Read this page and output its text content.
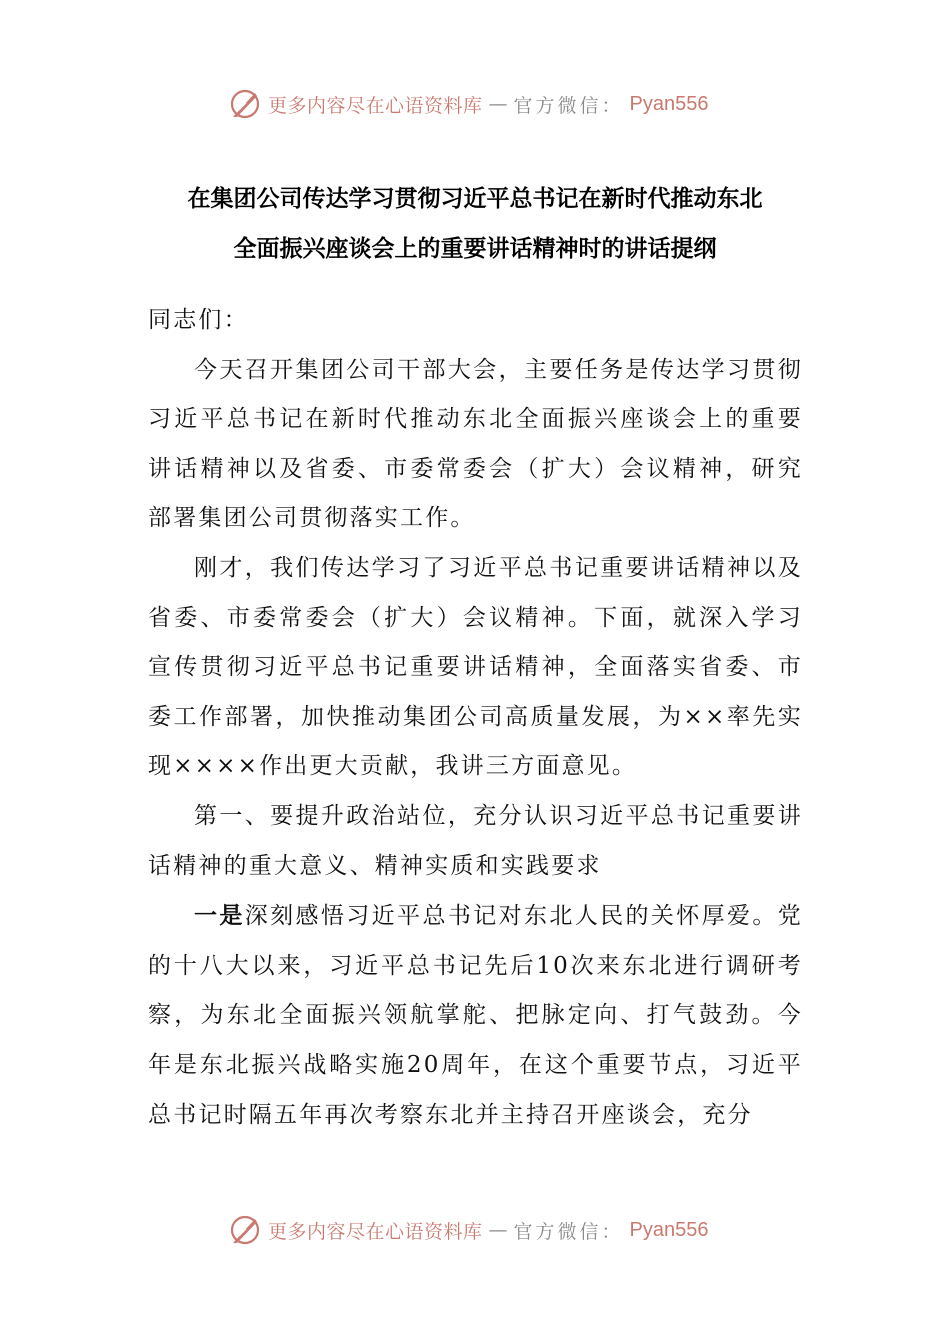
更多内容尽在心语资料库 — 官方微信： Pyan556
在集团公司传达学习贯彻习近平总书记在新时代推动东北
全面振兴座谈会上的重要讲话精神时的讲话提纲

同志们：

今天召开集团公司干部大会，主要任务是传达学习贯彻习近平总书记在新时代推动东北全面振兴座谈会上的重要讲话精神以及省委、市委常委会（扩大）会议精神，研究部署集团公司贯彻落实工作。

刚才，我们传达学习了习近平总书记重要讲话精神以及省委、市委常委会（扩大）会议精神。下面，就深入学习宣传贯彻习近平总书记重要讲话精神，全面落实省委、市委工作部署，加快推动集团公司高质量发展，为××率先实现××××作出更大贡献，我讲三方面意见。

第一、要提升政治站位，充分认识习近平总书记重要讲话精神的重大意义、精神实质和实践要求

一是深刻感悟习近平总书记对东北人民的关怀厚爱。党的十八大以来，习近平总书记先后10次来东北进行调研考察，为东北全面振兴领航掌舵、把脉定向、打气鼓劲。今年是东北振兴战略实施20周年，在这个重要节点，习近平总书记时隔五年再次考察东北并主持召开座谈会，充分

更多内容尽在心语资料库 — 官方微信： Pyan556
